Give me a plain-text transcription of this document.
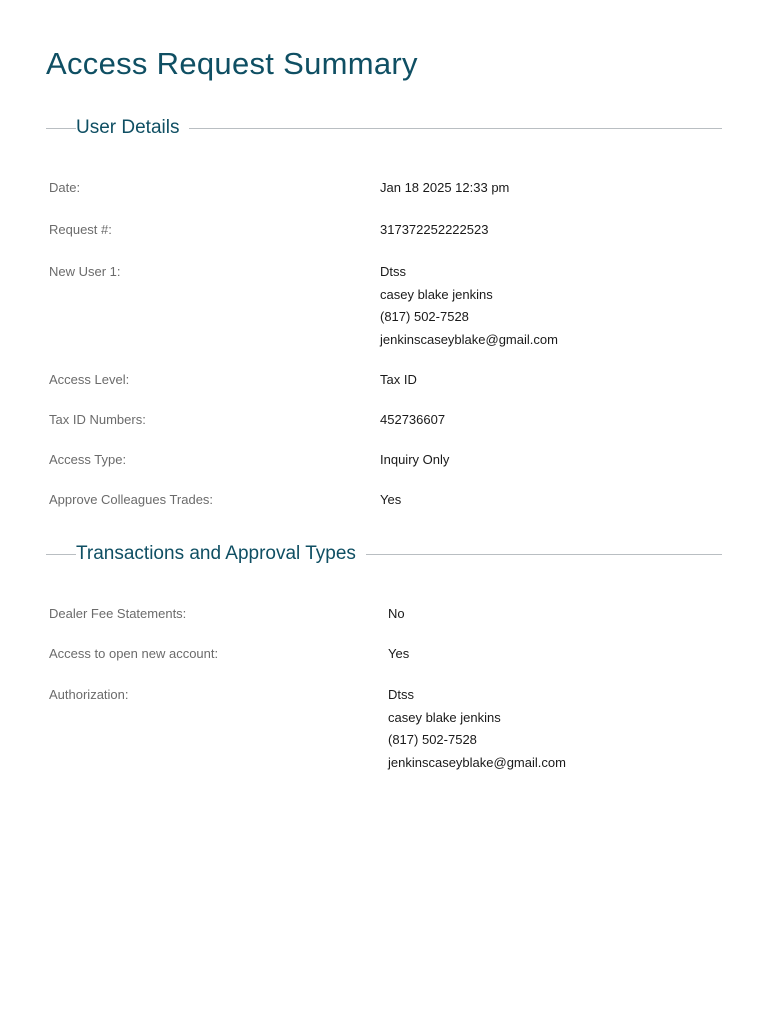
Access Request Summary
User Details
Date:	Jan 18 2025 12:33 pm
Request #:	317372252222523
New User 1:	Dtss
casey blake jenkins
(817) 502-7528
jenkinscaseyblake@gmail.com
Access Level:	Tax ID
Tax ID Numbers:	452736607
Access Type:	Inquiry Only
Approve Colleagues Trades:	Yes
Transactions and Approval Types
Dealer Fee Statements:	No
Access to open new account:	Yes
Authorization:	Dtss
casey blake jenkins
(817) 502-7528
jenkinscaseyblake@gmail.com
